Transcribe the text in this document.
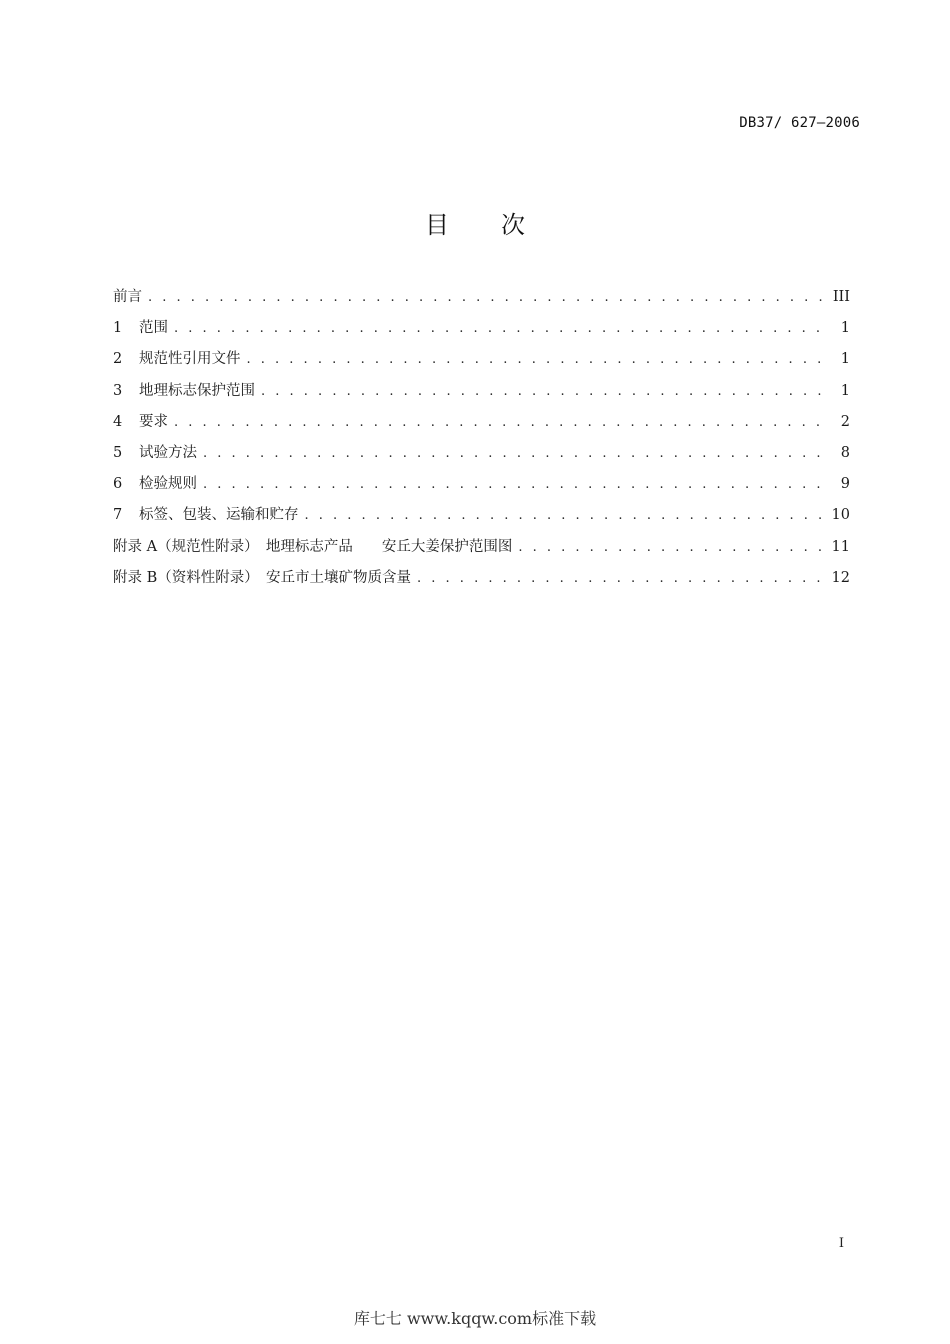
DB37/ 627—2006
目 次
前言 . . .	III
1	范围 . . .	1
2	规范性引用文件 . . .	1
3	地理标志保护范围 . . .	1
4	要求 . . .	2
5	试验方法 . . .	8
6	检验规则 . . .	9
7	标签、包装、运输和贮存 . . .	10
附录 A（规范性附录）　地理标志产品　　安丘大姜保护范围图 . . .	11
附录 B（资料性附录）　安丘市土壤矿物质含量 . . .	12
I
库七七 www.kqqw.com标准下载
